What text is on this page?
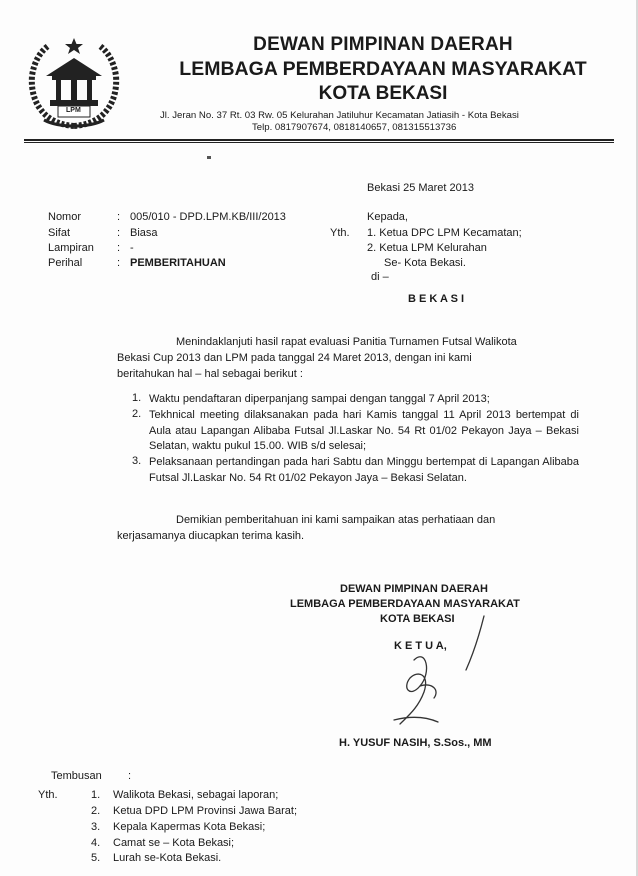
LPM
DEWAN PIMPINAN DAERAH
LEMBAGA PEMBERDAYAAN MASYARAKAT
KOTA BEKASI
Jl. Jeran No. 37 Rt. 03 Rw. 05 Kelurahan Jatiluhur Kecamatan Jatiasih - Kota Bekasi
Telp. 0817907674, 0818140657, 081315513736
Bekasi 25 Maret 2013
Nomor	: 005/010 - DPD.LPM.KB/III/2013
Sifat	: Biasa
Lampiran : -
Perihal	: PEMBERITAHUAN
Kepada,
Yth. 1. Ketua DPC LPM Kecamatan;
2. Ketua LPM Kelurahan
Se- Kota Bekasi.
di –
B E K A S I
Menindaklanjuti hasil rapat evaluasi Panitia Turnamen Futsal Walikota
Bekasi Cup 2013 dan LPM pada tanggal 24 Maret 2013, dengan ini kami
beritahukan hal – hal sebagai berikut :
1. Waktu pendaftaran diperpanjang sampai dengan tanggal 7 April 2013;
2. Tekhnical meeting dilaksanakan pada hari Kamis tanggal 11 April 2013 bertempat di Aula atau Lapangan Alibaba Futsal Jl.Laskar No. 54 Rt 01/02 Pekayon Jaya – Bekasi Selatan, waktu pukul 15.00. WIB s/d selesai;
3. Pelaksanaan pertandingan pada hari Sabtu dan Minggu bertempat di Lapangan Alibaba Futsal Jl.Laskar No. 54 Rt 01/02 Pekayon Jaya – Bekasi Selatan.
Demikian pemberitahuan ini kami sampaikan atas perhatiaan dan
kerjasamanya diucapkan terima kasih.
DEWAN PIMPINAN DAERAH
LEMBAGA PEMBERDAYAAN MASYARAKAT
KOTA BEKASI
K E T U A,
H. YUSUF NASIH, S.Sos., MM
Tembusan :
Yth.	1. Walikota Bekasi, sebagai laporan;
2. Ketua DPD LPM Provinsi Jawa Barat;
3. Kepala Kapermas Kota Bekasi;
4. Camat se – Kota Bekasi;
5. Lurah se-Kota Bekasi.
